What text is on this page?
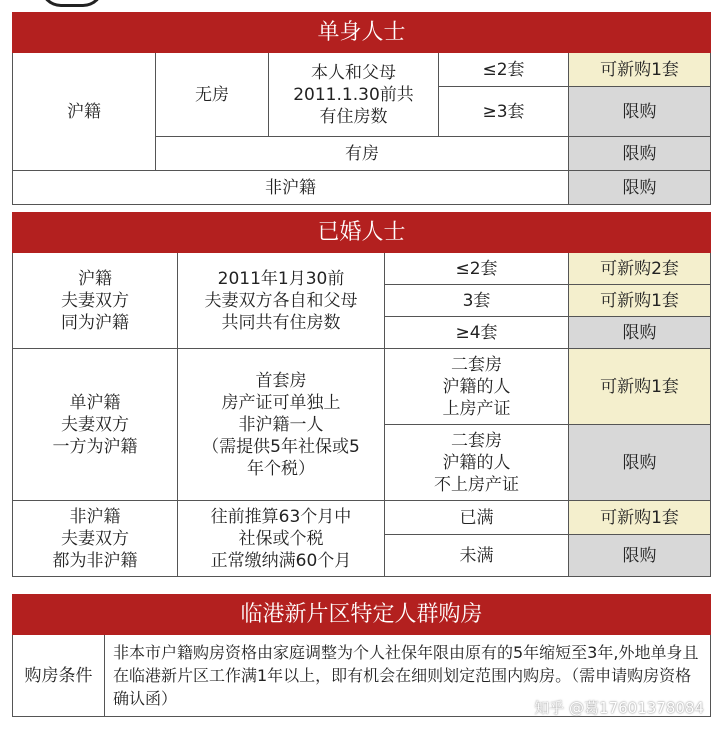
单身人士				
沪籍	无房	本人和父母
2011.1.30前共
有住房数	≤2套	可新购1套
			≥3套	限购
	有房			限购
非沪籍				限购
已婚人士			
沪籍
夫妻双方
同为沪籍	2011年1月30前
夫妻双方各自和父母
共同共有住房数	≤2套	可新购2套
		3套	可新购1套
		≥4套	限购
单沪籍
夫妻双方
一方为沪籍	首套房
房产证可单独上
非沪籍一人
（需提供5年社保或5
年个税）	二套房
沪籍的人
上房产证	可新购1套
		二套房
沪籍的人
不上房产证	限购
非沪籍
夫妻双方
都为非沪籍	往前推算63个月中
社保或个税
正常缴纳满60个月	已满	可新购1套
		未满	限购
临港新片区特定人群购房
购房条件	非本市户籍购房资格由家庭调整为个人社保年限由原有的5年缩短至3年,外地单身且在临港新片区工作满1年以上，即有机会在细则划定范围内购房。（需申请购房资格确认函）	知乎 @葛17601378084
